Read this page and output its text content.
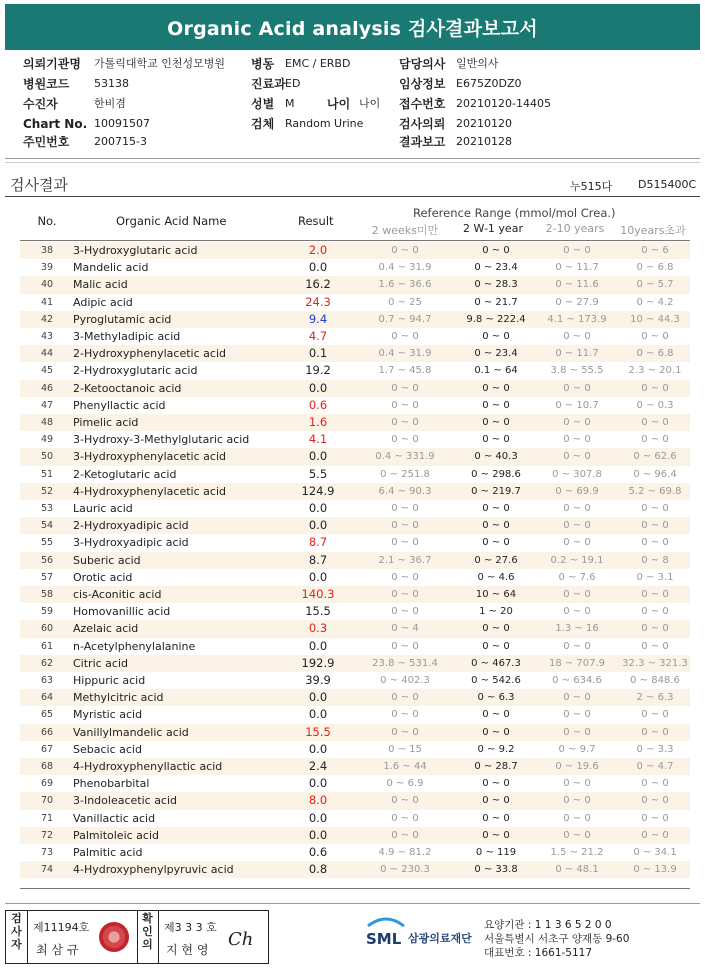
Organic Acid analysis 검사결과보고서
의뢰기관명 가톨릭대학교 인천성모병원 병동 EMC / ERBD	담당의사 일반의사
병원코드 53138	진료과 ED	임상정보 E675Z0DZ0
수진자	한비겸	성별 M	나이 나이 접수번호 20210120-14405
Chart No. 10091507	검체 Random Urine	검사의뢰 20210120
주민번호 200715-3	결과보고 20210128
검사결과	누515다 D515400C
No.	Organic Acid Name	Result
Reference Range (mmol/mol Crea.)
2 weeks미만	2 W-1 year	2-10 years	10years초과
38	3-Hydroxyglutaric acid	2.0	0 ~ 0	0 ~ 0	0 ~ 0	0 ~ 6
39	Mandelic acid	0.0	0.4 ~ 31.9	0 ~ 23.4	0 ~ 11.7	0 ~ 6.8
40	Malic acid	16.2	1.6 ~ 36.6	0 ~ 28.3	0 ~ 11.6	0 ~ 5.7
41	Adipic acid	24.3	0 ~ 25	0 ~ 21.7	0 ~ 27.9	0 ~ 4.2
42	Pyroglutamic acid	9.4	0.7 ~ 94.7	9.8 ~ 222.4	4.1 ~ 173.9	10 ~ 44.3
43	3-Methyladipic acid	4.7	0 ~ 0	0 ~ 0	0 ~ 0	0 ~ 0
44	2-Hydroxyphenylacetic acid	0.1	0.4 ~ 31.9	0 ~ 23.4	0 ~ 11.7	0 ~ 6.8
45	2-Hydroxyglutaric acid	19.2	1.7 ~ 45.8	0.1 ~ 64	3.8 ~ 55.5	2.3 ~ 20.1
46	2-Ketooctanoic acid	0.0	0 ~ 0	0 ~ 0	0 ~ 0	0 ~ 0
47	Phenyllactic acid	0.6	0 ~ 0	0 ~ 0	0 ~ 10.7	0 ~ 0.3
48	Pimelic acid	1.6	0 ~ 0	0 ~ 0	0 ~ 0	0 ~ 0
49	3-Hydroxy-3-Methylglutaric acid	4.1	0 ~ 0	0 ~ 0	0 ~ 0	0 ~ 0
50	3-Hydroxyphenylacetic acid	0.0	0.4 ~ 331.9	0 ~ 40.3	0 ~ 0	0 ~ 62.6
51	2-Ketoglutaric acid	5.5	0 ~ 251.8	0 ~ 298.6	0 ~ 307.8	0 ~ 96.4
52	4-Hydroxyphenylacetic acid	124.9	6.4 ~ 90.3	0 ~ 219.7	0 ~ 69.9	5.2 ~ 69.8
53	Lauric acid	0.0	0 ~ 0	0 ~ 0	0 ~ 0	0 ~ 0
54	2-Hydroxyadipic acid	0.0	0 ~ 0	0 ~ 0	0 ~ 0	0 ~ 0
55	3-Hydroxyadipic acid	8.7	0 ~ 0	0 ~ 0	0 ~ 0	0 ~ 0
56	Suberic acid	8.7	2.1 ~ 36.7	0 ~ 27.6	0.2 ~ 19.1	0 ~ 8
57	Orotic acid	0.0	0 ~ 0	0 ~ 4.6	0 ~ 7.6	0 ~ 3.1
58	cis-Aconitic acid	140.3	0 ~ 0	10 ~ 64	0 ~ 0	0 ~ 0
59	Homovanillic acid	15.5	0 ~ 0	1 ~ 20	0 ~ 0	0 ~ 0
60	Azelaic acid	0.3	0 ~ 4	0 ~ 0	1.3 ~ 16	0 ~ 0
61	n-Acetylphenylalanine	0.0	0 ~ 0	0 ~ 0	0 ~ 0	0 ~ 0
62	Citric acid	192.9	23.8 ~ 531.4	0 ~ 467.3	18 ~ 707.9	32.3 ~ 321.3
63	Hippuric acid	39.9	0 ~ 402.3	0 ~ 542.6	0 ~ 634.6	0 ~ 848.6
64	Methylcitric acid	0.0	0 ~ 0	0 ~ 6.3	0 ~ 0	2 ~ 6.3
65	Myristic acid	0.0	0 ~ 0	0 ~ 0	0 ~ 0	0 ~ 0
66	Vanillylmandelic acid	15.5	0 ~ 0	0 ~ 0	0 ~ 0	0 ~ 0
67	Sebacic acid	0.0	0 ~ 15	0 ~ 9.2	0 ~ 9.7	0 ~ 3.3
68	4-Hydroxyphenyllactic acid	2.4	1.6 ~ 44	0 ~ 28.7	0 ~ 19.6	0 ~ 4.7
69	Phenobarbital	0.0	0 ~ 6.9	0 ~ 0	0 ~ 0	0 ~ 0
70	3-Indoleacetic acid	8.0	0 ~ 0	0 ~ 0	0 ~ 0	0 ~ 0
71	Vanillactic acid	0.0	0 ~ 0	0 ~ 0	0 ~ 0	0 ~ 0
72	Palmitoleic acid	0.0	0 ~ 0	0 ~ 0	0 ~ 0	0 ~ 0
73	Palmitic acid	0.6	4.9 ~ 81.2	0 ~ 119	1.5 ~ 21.2	0 ~ 34.1
74	4-Hydroxyphenylpyruvic acid	0.8	0 ~ 230.3	0 ~ 33.8	0 ~ 48.1	0 ~ 13.9
검사자
제11194호
최 삼 규
확인의
제3 3 3 호
지 현 영 Ch	SML 삼광의료재단
요양기관 : 1 1 3 6 5 2 0 0
서울특별시 서초구 양재동 9-60
대표번호 : 1661-5117
